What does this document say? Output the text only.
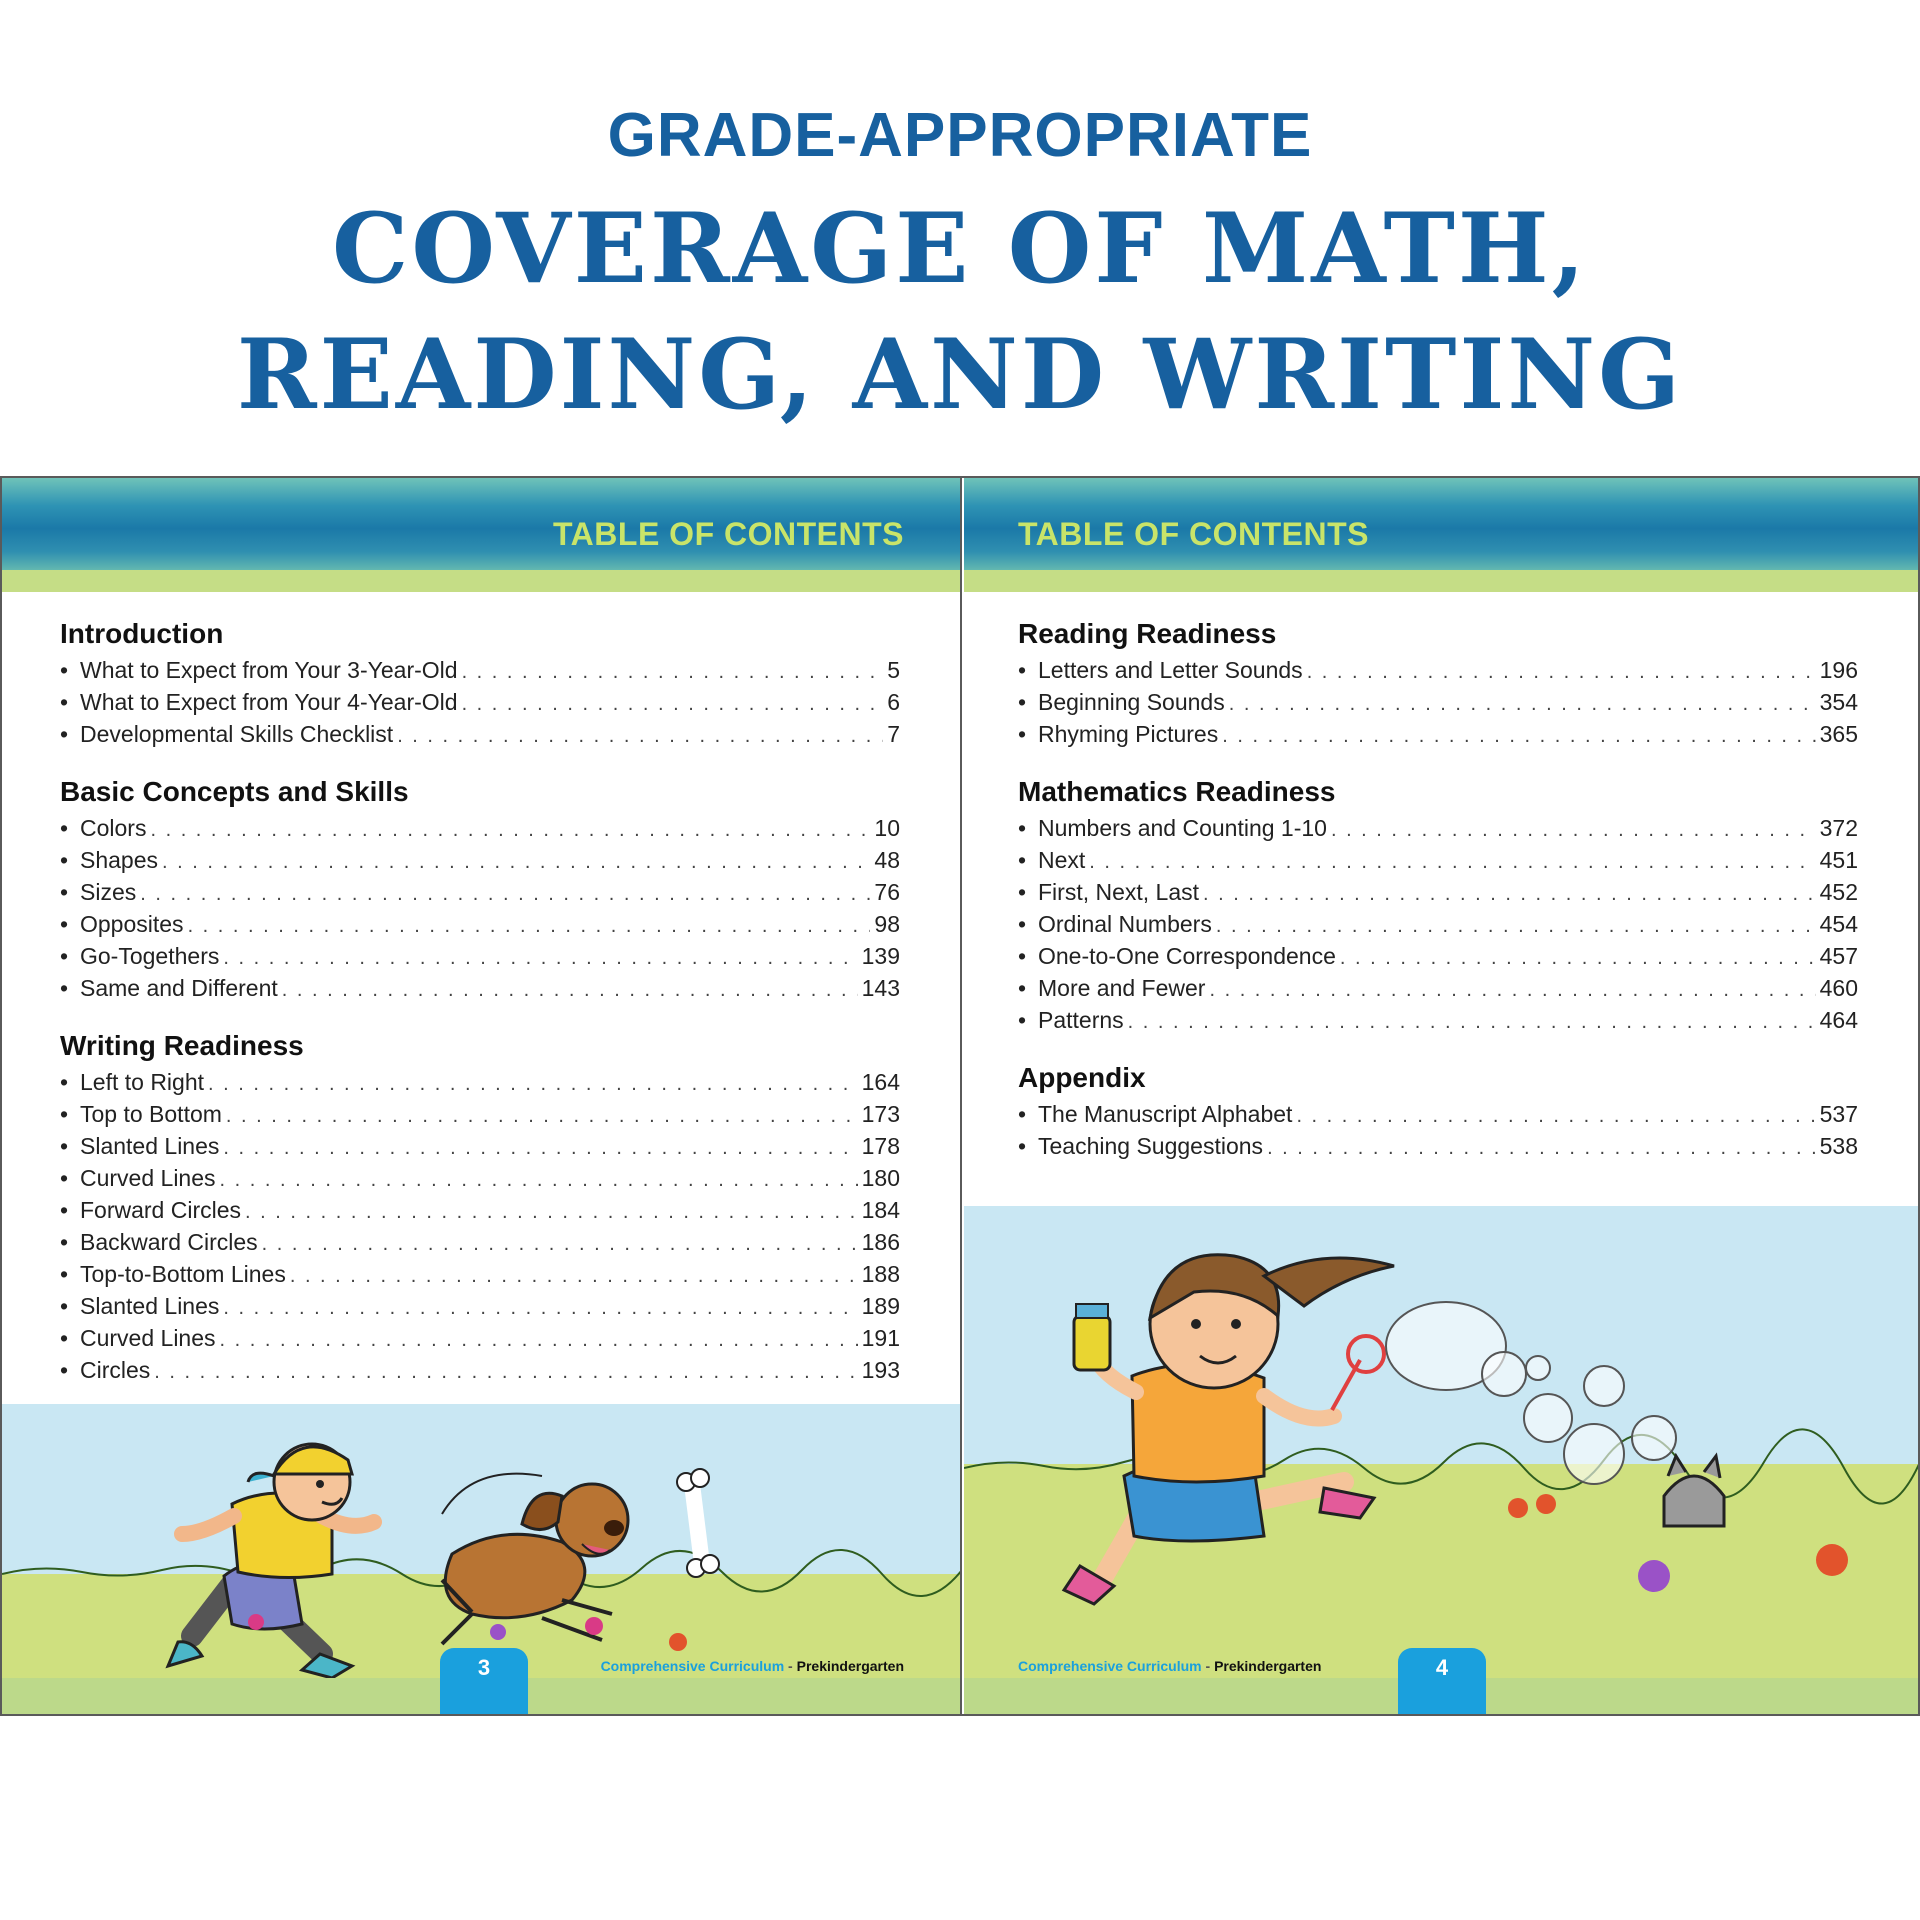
GRADE-APPROPRIATE
COVERAGE OF MATH,
READING, AND WRITING
TABLE OF CONTENTS
Introduction
• What to Expect from Your 3-Year-Old . . .	5
• What to Expect from Your 4-Year-Old . . .	6
• Developmental Skills Checklist . . .	7
Basic Concepts and Skills
• Colors . . .	10
• Shapes . . .	48
• Sizes . . .	76
• Opposites . . .	98
• Go-Togethers . . .	139
• Same and Different . . .	143
Writing Readiness
• Left to Right . . .	164
• Top to Bottom . . .	173
• Slanted Lines . . .	178
• Curved Lines . . .	180
• Forward Circles . . .	184
• Backward Circles . . .	186
• Top-to-Bottom Lines . . .	188
• Slanted Lines . . .	189
• Curved Lines . . .	191
• Circles . . .	193
3	Comprehensive Curriculum - Prekindergarten
TABLE OF CONTENTS
Reading Readiness
• Letters and Letter Sounds . . .	196
• Beginning Sounds . . .	354
• Rhyming Pictures . . .	365
Mathematics Readiness
• Numbers and Counting 1-10 . . .	372
• Next . . .	451
• First, Next, Last . . .	452
• Ordinal Numbers . . .	454
• One-to-One Correspondence . . .	457
• More and Fewer . . .	460
• Patterns . . .	464
Appendix
• The Manuscript Alphabet . . .	537
• Teaching Suggestions . . .	538
4
Comprehensive Curriculum - Prekindergarten
